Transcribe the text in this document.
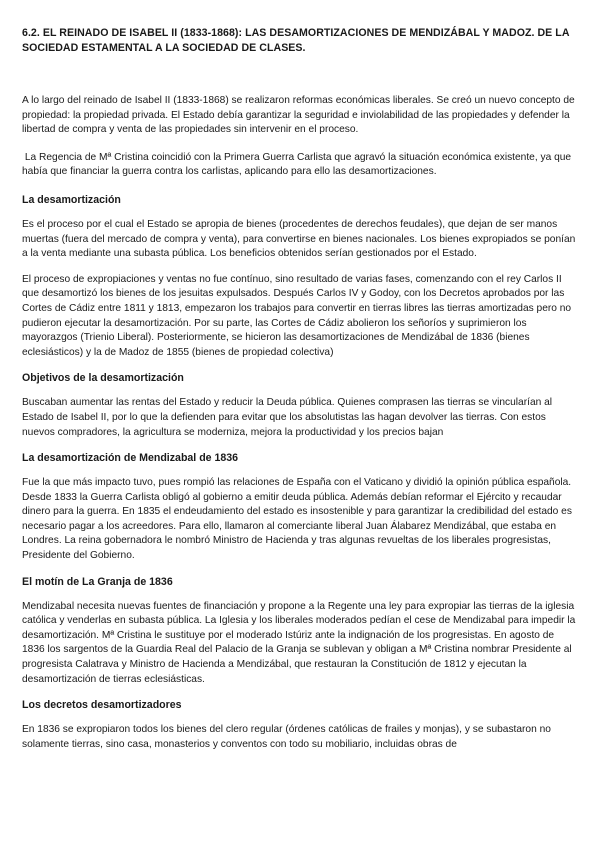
6.2. EL REINADO DE ISABEL II (1833-1868): LAS DESAMORTIZACIONES DE MENDIZÁBAL Y MADOZ. DE LA SOCIEDAD ESTAMENTAL A LA SOCIEDAD DE CLASES.

A lo largo del reinado de Isabel II (1833-1868) se realizaron reformas económicas liberales. Se creó un nuevo concepto de propiedad: la propiedad privada. El Estado debía garantizar la seguridad e inviolabilidad de las propiedades y defender la libertad de compra y venta de las propiedades sin intervenir en el proceso.

La Regencia de Mª Cristina coincidió con la Primera Guerra Carlista que agravó la situación económica existente, ya que había que financiar la guerra contra los carlistas, aplicando para ello las desamortizaciones.

La desamortización

Es el proceso por el cual el Estado se apropia de bienes (procedentes de derechos feudales), que dejan de ser manos muertas (fuera del mercado de compra y venta), para convertirse en bienes nacionales. Los bienes expropiados se ponían a la venta mediante una subasta pública. Los beneficios obtenidos serían gestionados por el Estado.

El proceso de expropiaciones y ventas no fue contínuo, sino resultado de varias fases, comenzando con el rey Carlos II que desamortizó los bienes de los jesuitas expulsados. Después Carlos IV y Godoy, con los Decretos aprobados por las Cortes de Cádiz entre 1811 y 1813, empezaron los trabajos para convertir en tierras libres las tierras amortizadas pero no pudieron ejecutar la desamortización. Por su parte, las Cortes de Cádiz abolieron los señoríos y suprimieron los mayorazgos (Trienio Liberal). Posteriormente, se hicieron las desamortizaciones de Mendizábal de 1836 (bienes eclesiásticos) y la de Madoz de 1855 (bienes de propiedad colectiva)

Objetivos de la desamortización

Buscaban aumentar las rentas del Estado y reducir la Deuda pública. Quienes comprasen las tierras se vincularían al Estado de Isabel II, por lo que la defienden para evitar que los absolutistas las hagan devolver las tierras. Con estos nuevos compradores, la agricultura se moderniza, mejora la productividad y los precios bajan

La desamortización de Mendizabal de 1836

Fue la que más impacto tuvo, pues rompió las relaciones de España con el Vaticano y dividió la opinión pública española. Desde 1833 la Guerra Carlista obligó al gobierno a emitir deuda pública. Además debían reformar el Ejército y recaudar dinero para la guerra. En 1835 el endeudamiento del estado es insostenible y para garantizar la credibilidad del estado es necesario pagar a los acreedores. Para ello, llamaron al comerciante liberal Juan Álabarez Mendizábal, que estaba en Londres. La reina gobernadora le nombró Ministro de Hacienda y tras algunas revueltas de los liberales progresistas, Presidente del Gobierno.

El motín de La Granja de 1836

Mendizabal necesita nuevas fuentes de financiación y propone a la Regente una ley para expropiar las tierras de la iglesia católica y venderlas en subasta pública. La Iglesia y los liberales moderados pedían el cese de Mendizabal para impedir la desamortización. Mª Cristina le sustituye por el moderado Istúriz ante la indignación de los progresistas. En agosto de 1836 los sargentos de la Guardia Real del Palacio de la Granja se sublevan y obligan a Mª Cristina nombrar Presidente al progresista Calatrava y Ministro de Hacienda a Mendizábal, que restauran la Constitución de 1812 y ejecutan la desamortización de tierras eclesiásticas.

Los decretos desamortizadores

En 1836 se expropiaron todos los bienes del clero regular (órdenes católicas de frailes y monjas), y se subastaron no solamente tierras, sino casa, monasterios y conventos con todo su mobiliario, incluidas obras de
